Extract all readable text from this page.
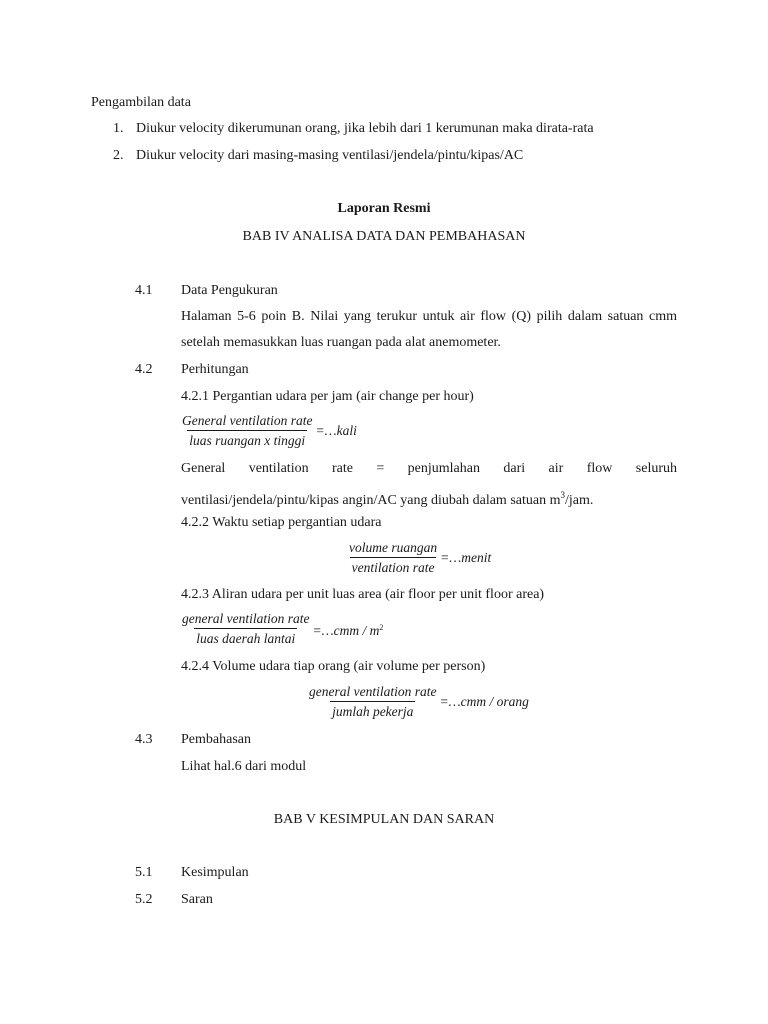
Pengambilan data
1. Diukur velocity dikerumunan orang, jika lebih dari 1 kerumunan maka dirata-rata
2. Diukur velocity dari masing-masing ventilasi/jendela/pintu/kipas/AC
Laporan Resmi
BAB IV ANALISA DATA DAN PEMBAHASAN
4.1 Data Pengukuran
Halaman 5-6 poin B. Nilai yang terukur untuk air flow (Q) pilih dalam satuan cmm setelah memasukkan luas ruangan pada alat anemometer.
4.2 Perhitungan
4.2.1 Pergantian udara per jam (air change per hour)
$\frac{\text{General ventilation rate}}{\text{luas ruangan x tinggi}}$ =…kali
General ventilation rate = penjumlahan dari air flow seluruh ventilasi/jendela/pintu/kipas angin/AC yang diubah dalam satuan $m^3$/jam.
4.2.2 Waktu setiap pergantian udara
$\frac{\text{volume ruangan}}{\text{ventilation rate}}$ =…menit
4.2.3 Aliran udara per unit luas area (air floor per unit floor area)
$\frac{\text{general ventilation rate}}{\text{luas daerah lantai}}$ =…cmm / $m^2$
4.2.4 Volume udara tiap orang (air volume per person)
$\frac{\text{general ventilation rate}}{\text{jumlah pekerja}}$ =…cmm / orang
4.3 Pembahasan
Lihat hal.6 dari modul
BAB V KESIMPULAN DAN SARAN
5.1 Kesimpulan
5.2 Saran
